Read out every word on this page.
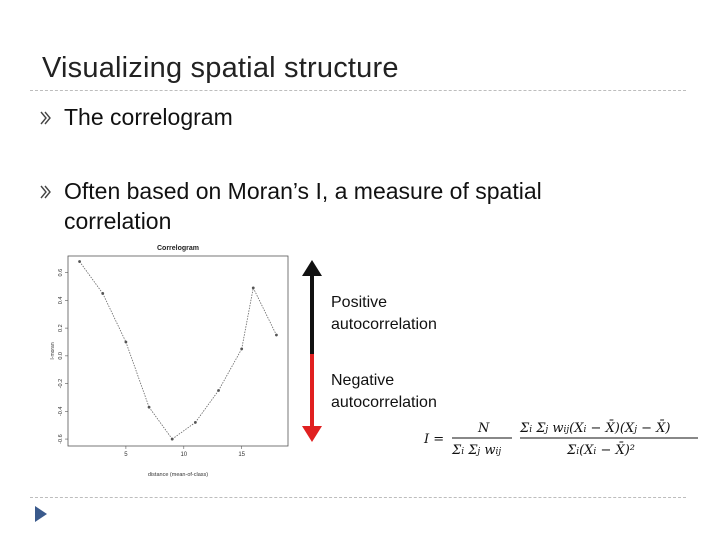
Visualizing spatial structure
The correlogram
Often based on Moran’s I, a measure of spatial correlation
Correlogram
-0.6
-0.4
-0.2
0.0
0.2
0.4
0.6
5	10	15
distance (mean-of-class)
I-moran
Positive autocorrelation
Negative autocorrelation
I =
N
Σi Σj wij
Σi Σj wij(Xi − X̄)(Xj − X̄)
Σi(Xi − X̄)²
